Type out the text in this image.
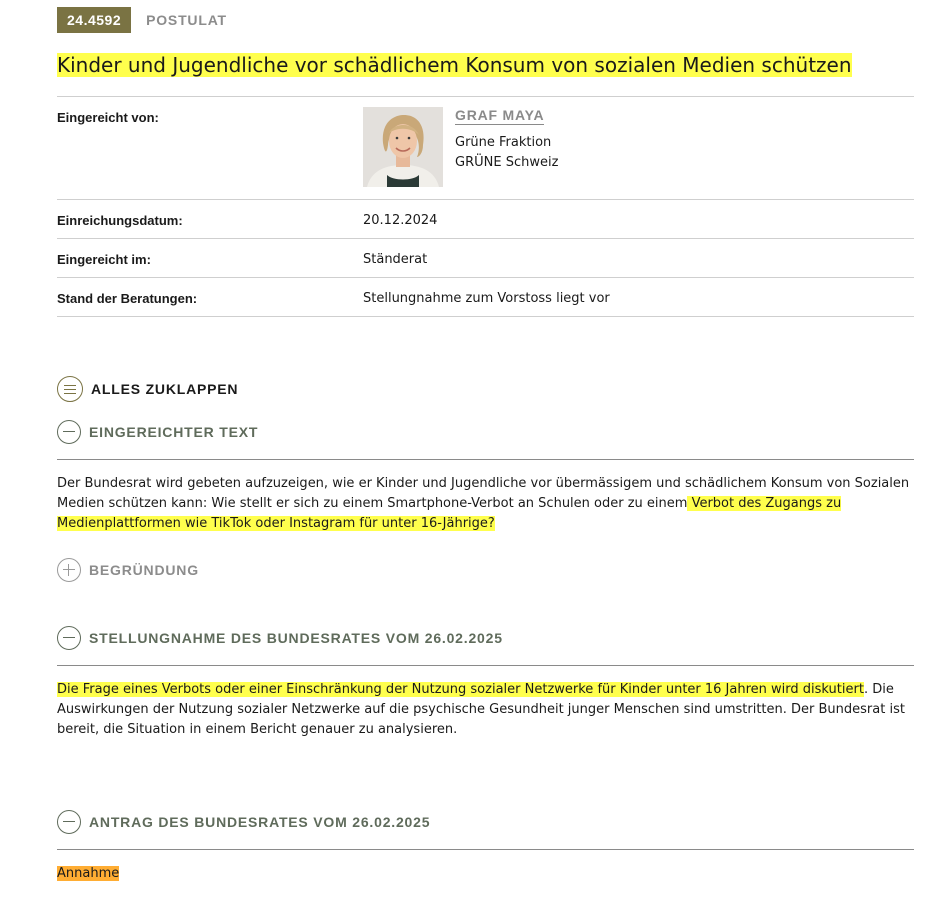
24.4592	POSTULAT
Kinder und Jugendliche vor schädlichem Konsum von sozialen Medien schützen
Eingereicht von:	GRAF MAYA
Grüne Fraktion
GRÜNE Schweiz
Einreichungsdatum:	20.12.2024
Eingereicht im:	Ständerat
Stand der Beratungen:	Stellungnahme zum Vorstoss liegt vor
ALLES ZUKLAPPEN
EINGEREICHTER TEXT

Der Bundesrat wird gebeten aufzuzeigen, wie er Kinder und Jugendliche vor übermässigem und schädlichem Konsum von Sozialen Medien schützen kann: Wie stellt er sich zu einem Smartphone-Verbot an Schulen oder zu einem Verbot des Zugangs zu Medienplattformen wie TikTok oder Instagram für unter 16-Jährige?

BEGRÜNDUNG
STELLUNGNAHME DES BUNDESRATES VOM 26.02.2025

Die Frage eines Verbots oder einer Einschränkung der Nutzung sozialer Netzwerke für Kinder unter 16 Jahren wird diskutiert. Die Auswirkungen der Nutzung sozialer Netzwerke auf die psychische Gesundheit junger Menschen sind umstritten. Der Bundesrat ist bereit, die Situation in einem Bericht genauer zu analysieren.

ANTRAG DES BUNDESRATES VOM 26.02.2025

Annahme
